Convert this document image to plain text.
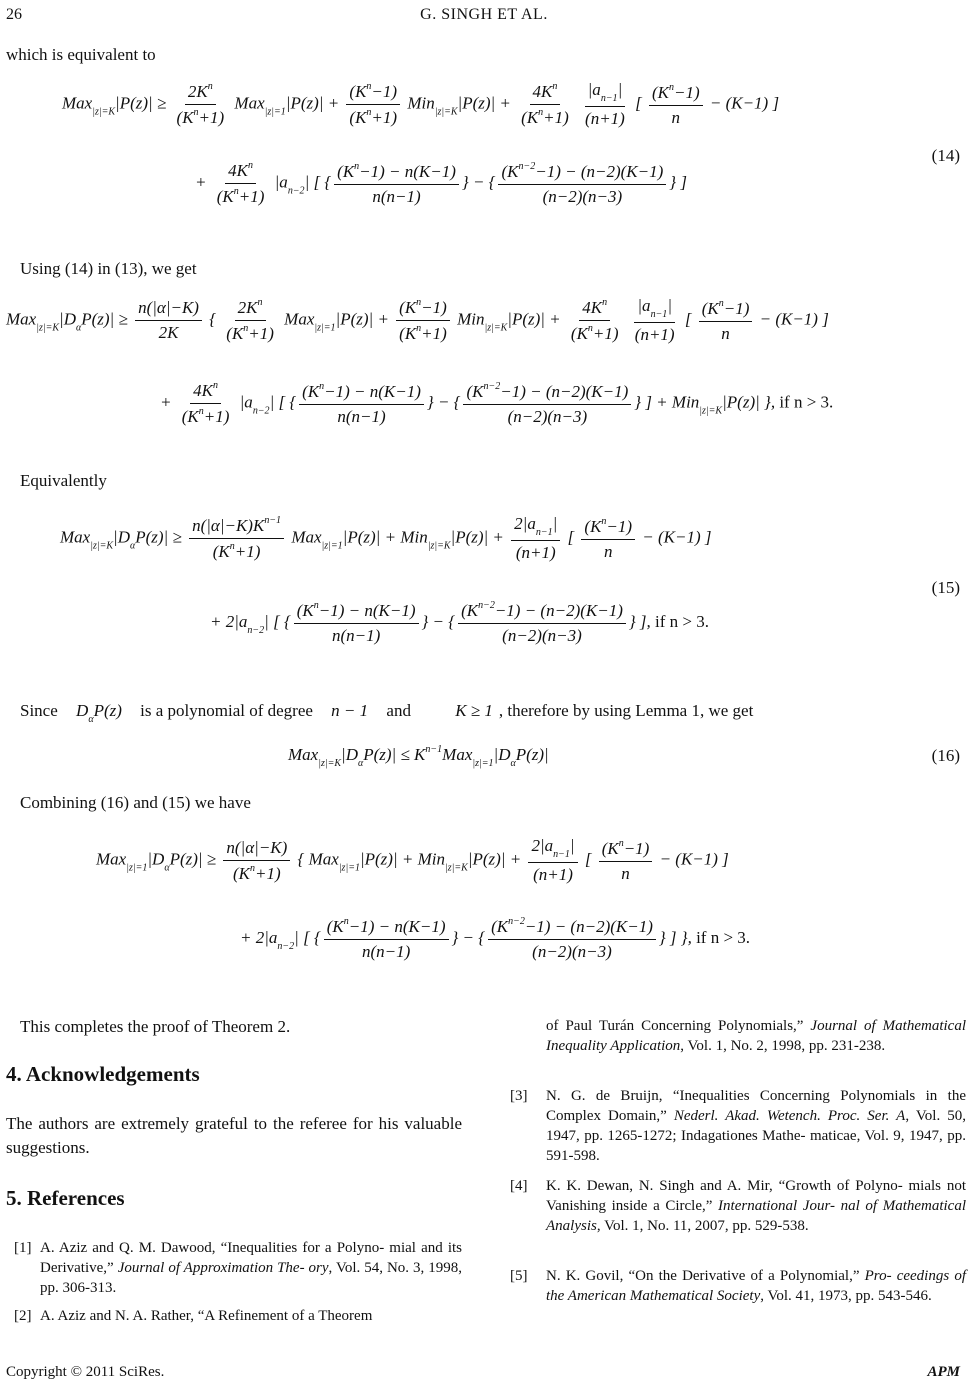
26	G. SINGH ET AL.
which is equivalent to
$Max_{|z|=K}|P(z)| \ge \frac{2K^n}{(K^n+1)} Max_{|z|=1}|P(z)| + \frac{(K^n-1)}{(K^n+1)} Min_{|z|=K}|P(z)| + \frac{4K^n}{(K^n+1)}$
$\frac{|a_{n-1}|}{(n+1)}$ [ $\frac{(K^n-1)}{n} - (K-1)$ ]
+ $\frac{4K^n}{(K^n+1)} |a_{n-2}|$ [ { $\frac{(K^n-1) - n(K-1)}{n(n-1)}$ } − { $\frac{(K^{n-2}-1) - (n-2)(K-1)}{(n-2)(n-3)}$ } ]
(14)
Using (14) in (13), we get
$Max_{|z|=K}|D_\alpha P(z)| \ge \frac{n(|\alpha|-K)}{2K}$ { $\frac{2K^n}{(K^n+1)} Max_{|z|=1}|P(z)| + \frac{(K^n-1)}{(K^n+1)} Min_{|z|=K}|P(z)| + \frac{4K^n}{(K^n+1)}$
$\frac{|a_{n-1}|}{(n+1)}$ [ $\frac{(K^n-1)}{n} - (K-1)$ ]
+ $\frac{4K^n}{(K^n+1)} |a_{n-2}|$ [ { $\frac{(K^n-1) - n(K-1)}{n(n-1)}$ } − { $\frac{(K^{n-2}-1) - (n-2)(K-1)}{(n-2)(n-3)}$ } ] + Min$_{|z|=K}$|P(z)| }, if n > 3.
Equivalently
$Max_{|z|=K}|D_\alpha P(z)| \ge \frac{n(|\alpha|-K)K^{n-1}}{(K^n+1)} Max_{|z|=1}|P(z)| + Min_{|z|=K}|P(z)| + \frac{2|a_{n-1}|}{(n+1)}$ [ $\frac{(K^n-1)}{n} - (K-1)$ ]
+ $2|a_{n-2}|$ [ { $\frac{(K^n-1) - n(K-1)}{n(n-1)}$ } − { $\frac{(K^{n-2}-1) - (n-2)(K-1)}{(n-2)(n-3)}$ } ], if n > 3.
(15)
Since $D_\alpha P(z)$ is a polynomial of degree n − 1 and	K ≥ 1 , therefore by using Lemma 1, we get
$Max_{|z|=K}|D_\alpha P(z)| \le K^{n-1}Max_{|z|=1}|D_\alpha P(z)|$	(16)
Combining (16) and (15) we have
$Max_{|z|=1}|D_\alpha P(z)| \ge \frac{n(|\alpha|-K)}{(K^n+1)}$ { $Max_{|z|=1}|P(z)| + Min_{|z|=K}|P(z)| + \frac{2|a_{n-1}|}{(n+1)}$ [ $\frac{(K^n-1)}{n} - (K-1)$ ]
+ $2|a_{n-2}|$ [ { $\frac{(K^n-1) - n(K-1)}{n(n-1)}$ } − { $\frac{(K^{n-2}-1) - (n-2)(K-1)}{(n-2)(n-3)}$ } ] }, if n > 3.
This completes the proof of Theorem 2.
4. Acknowledgements
The authors are extremely grateful to the referee for his valuable suggestions.
5. References
[1] A. Aziz and Q. M. Dawood, “Inequalities for a Polyno- mial and its Derivative,” Journal of Approximation The- ory, Vol. 54, No. 3, 1998, pp. 306-313.
[2] A. Aziz and N. A. Rather, “A Refinement of a Theorem
of Paul Turán Concerning Polynomials,” Journal of Mathematical Inequality Application, Vol. 1, No. 2, 1998, pp. 231-238.
[3] N. G. de Bruijn, “Inequalities Concerning Polynomials in the Complex Domain,” Nederl. Akad. Wetench. Proc. Ser. A, Vol. 50, 1947, pp. 1265-1272; Indagationes Mathe- maticae, Vol. 9, 1947, pp. 591-598.
[4] K. K. Dewan, N. Singh and A. Mir, “Growth of Polyno- mials not Vanishing inside a Circle,” International Jour- nal of Mathematical Analysis, Vol. 1, No. 11, 2007, pp. 529-538.
[5] N. K. Govil, “On the Derivative of a Polynomial,” Pro- ceedings of the American Mathematical Society, Vol. 41, 1973, pp. 543-546.
Copyright © 2011 SciRes.	APM
